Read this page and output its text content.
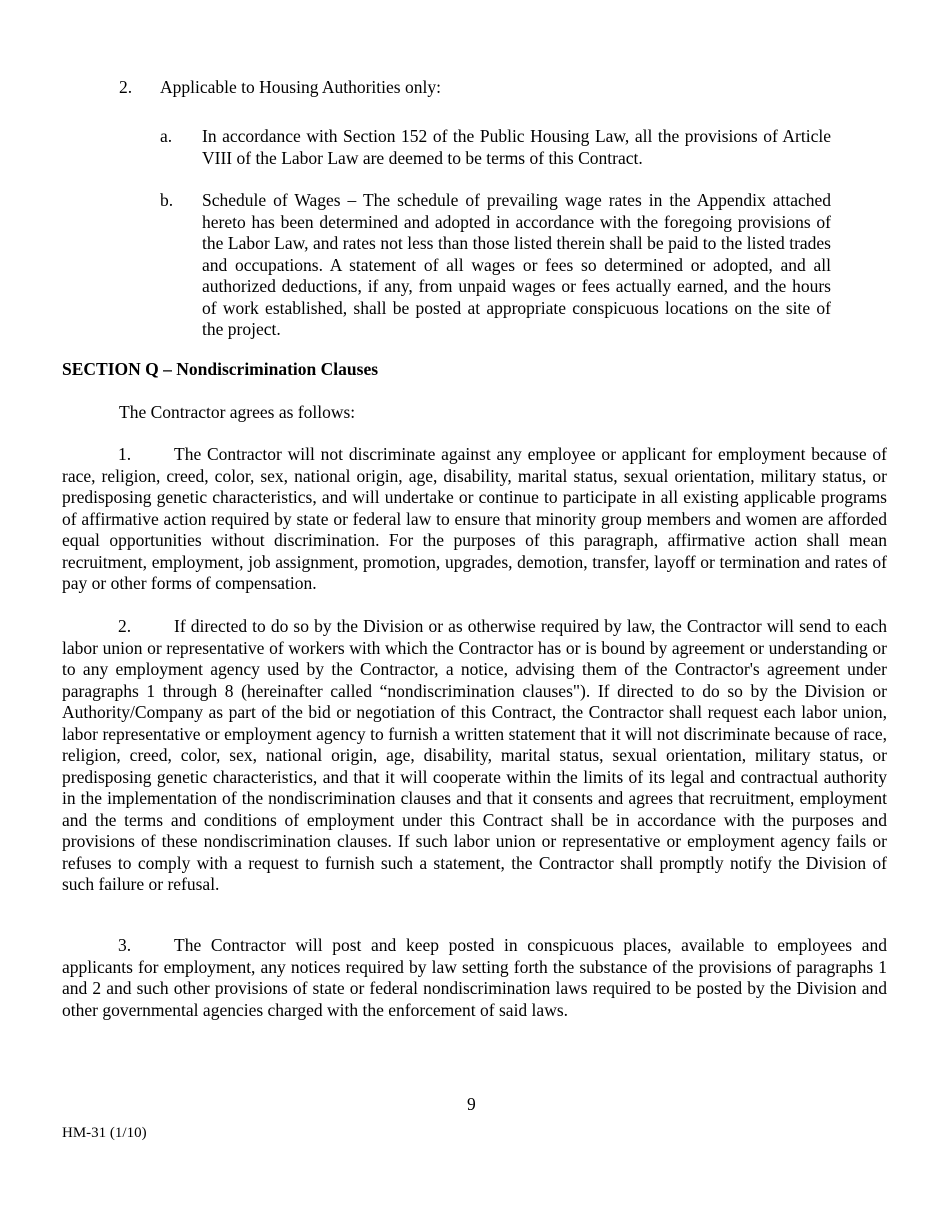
2.	Applicable to Housing Authorities only:
a.	In accordance with Section 152 of the Public Housing Law, all the provisions of Article VIII of the Labor Law are deemed to be terms of this Contract.

b.	Schedule of Wages – The schedule of prevailing wage rates in the Appendix attached hereto has been determined and adopted in accordance with the foregoing provisions of the Labor Law, and rates not less than those listed therein shall be paid to the listed trades and occupations. A statement of all wages or fees so determined or adopted, and all authorized deductions, if any, from unpaid wages or fees actually earned, and the hours of work established, shall be posted at appropriate conspicuous locations on the site of the project.

SECTION Q – Nondiscrimination Clauses
The Contractor agrees as follows:

1. The Contractor will not discriminate against any employee or applicant for employment because of race, religion, creed, color, sex, national origin, age, disability, marital status, sexual orientation, military status, or predisposing genetic characteristics, and will undertake or continue to participate in all existing applicable programs of affirmative action required by state or federal law to ensure that minority group members and women are afforded equal opportunities without discrimination. For the purposes of this paragraph, affirmative action shall mean recruitment, employment, job assignment, promotion, upgrades, demotion, transfer, layoff or termination and rates of pay or other forms of compensation.

2. If directed to do so by the Division or as otherwise required by law, the Contractor will send to each labor union or representative of workers with which the Contractor has or is bound by agreement or understanding or to any employment agency used by the Contractor, a notice, advising them of the Contractor's agreement under paragraphs 1 through 8 (hereinafter called “nondiscrimination clauses"). If directed to do so by the Division or Authority/Company as part of the bid or negotiation of this Contract, the Contractor shall request each labor union, labor representative or employment agency to furnish a written statement that it will not discriminate because of race, religion, creed, color, sex, national origin, age, disability, marital status, sexual orientation, military status, or predisposing genetic characteristics, and that it will cooperate within the limits of its legal and contractual authority in the implementation of the nondiscrimination clauses and that it consents and agrees that recruitment, employment and the terms and conditions of employment under this Contract shall be in accordance with the purposes and provisions of these nondiscrimination clauses. If such labor union or representative or employment agency fails or refuses to comply with a request to furnish such a statement, the Contractor shall promptly notify the Division of such failure or refusal.

3. The Contractor will post and keep posted in conspicuous places, available to employees and applicants for employment, any notices required by law setting forth the substance of the provisions of paragraphs 1 and 2 and such other provisions of state or federal nondiscrimination laws required to be posted by the Division and other governmental agencies charged with the enforcement of said laws.

9
HM-31 (1/10)
